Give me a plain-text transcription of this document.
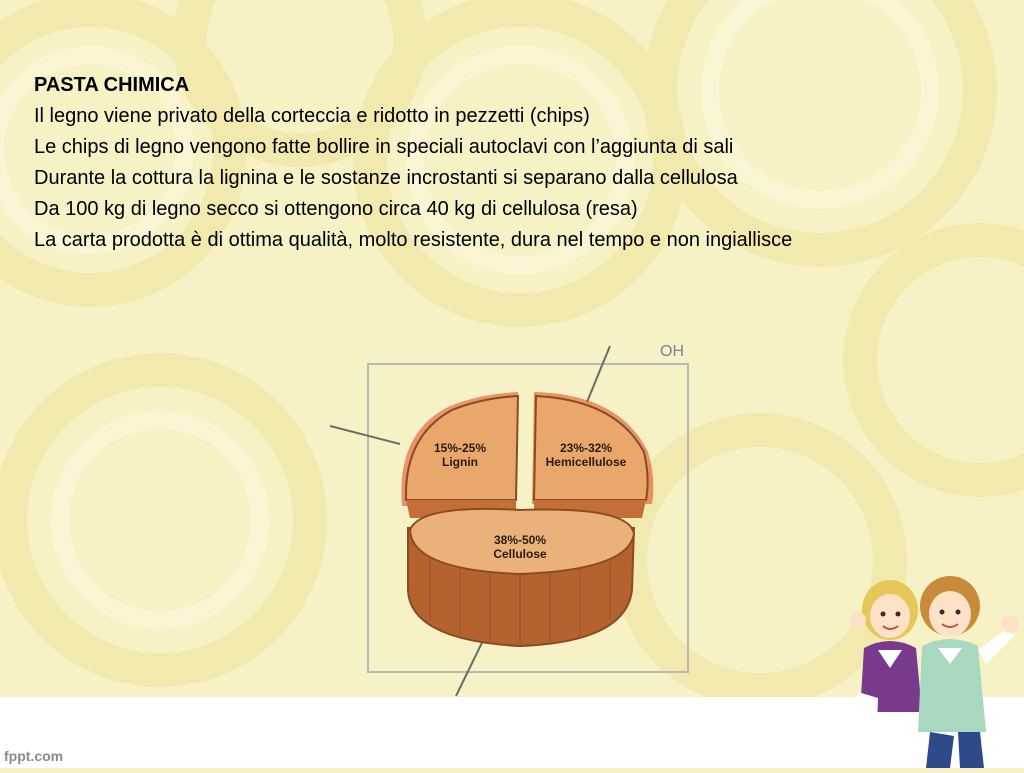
PASTA CHIMICA
Il legno viene privato della corteccia e ridotto in pezzetti (chips)
Le chips di legno vengono fatte bollire in speciali autoclavi con l’aggiunta di sali
Durante la cottura la lignina e le sostanze incrostanti si separano dalla cellulosa
Da 100 kg di legno secco si ottengono circa 40 kg di cellulosa (resa)
La carta prodotta è di ottima qualità, molto resistente, dura nel tempo e non ingiallisce
OH
15%-25%
Lignin
23%-32%
Hemicellulose
38%-50%
Cellulose
fppt.com
